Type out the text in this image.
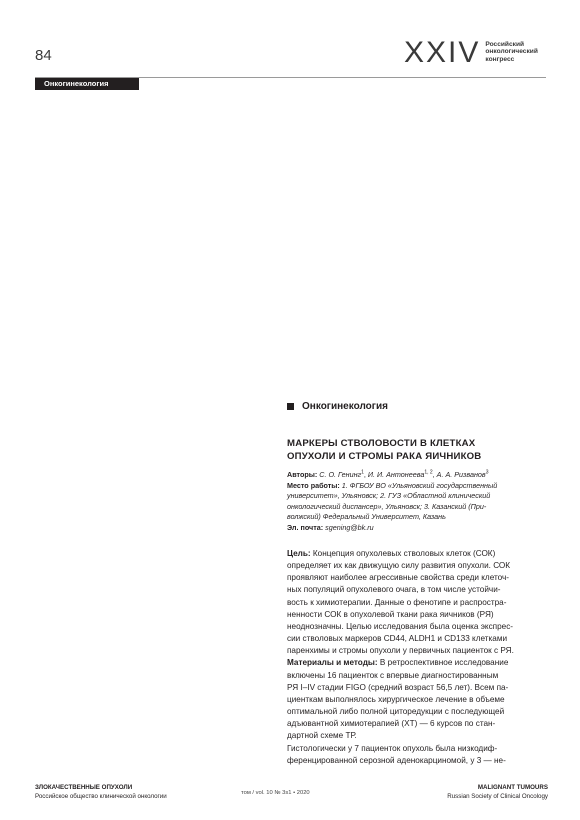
84	XXIV Российский
онкологический
конгресс
Онкогинекология
Онкогинекология
МАРКЕРЫ СТВОЛОВОСТИ В КЛЕТКАХ
ОПУХОЛИ И СТРОМЫ РАКА ЯИЧНИКОВ

Авторы: С. О. Генинг$^1$, И. И. Антонеева$^{1, 2}$, А. А. Ризванов$^3$

Место работы: 1. ФГБОУ ВО «Ульяновский государственный

университет», Ульяновск; 2. ГУЗ «Областной клинический

онкологический диспансер», Ульяновск; 3. Казанский (При-

волжский) Федеральный Университет, Казань

Эл. почта: sgening@bk.ru

Цель: Концепция опухолевых стволовых клеток (СОК)

определяет их как движущую силу развития опухоли. СОК

проявляют наиболее агрессивные свойства среди клеточ-

ных популяций опухолевого очага, в том числе устойчи-

вость к химиотерапии. Данные о фенотипе и распростра-

ненности СОК в опухолевой ткани рака яичников (РЯ)

неоднозначны. Целью исследования была оценка экспрес-

сии стволовых маркеров CD44, ALDH1 и CD133 клетками

паренхимы и стромы опухоли у первичных пациенток с РЯ.

Материалы и методы: В ретроспективное исследование

включены 16 пациенток с впервые диагностированным

РЯ I–IV стадии FIGO (средний возраст 56,5 лет). Всем па-

циенткам выполнялось хирургическое лечение в объеме

оптимальной либо полной циторедукции с последующей

адъювантной химиотерапией (ХТ) — 6 курсов по стан-

дартной схеме ТР.

Гистологически у 7 пациенток опухоль была низкодиф-

ференцированной серозной аденокарциномой, у 3 — не-

ЗЛОКАЧЕСТВЕННЫЕ ОПУХОЛИ
Российское общество клинической онкологии	том / vol. 10 № 3s1 • 2020
MALIGNANT TUMOURS
Russian Society of Clinical Oncology
